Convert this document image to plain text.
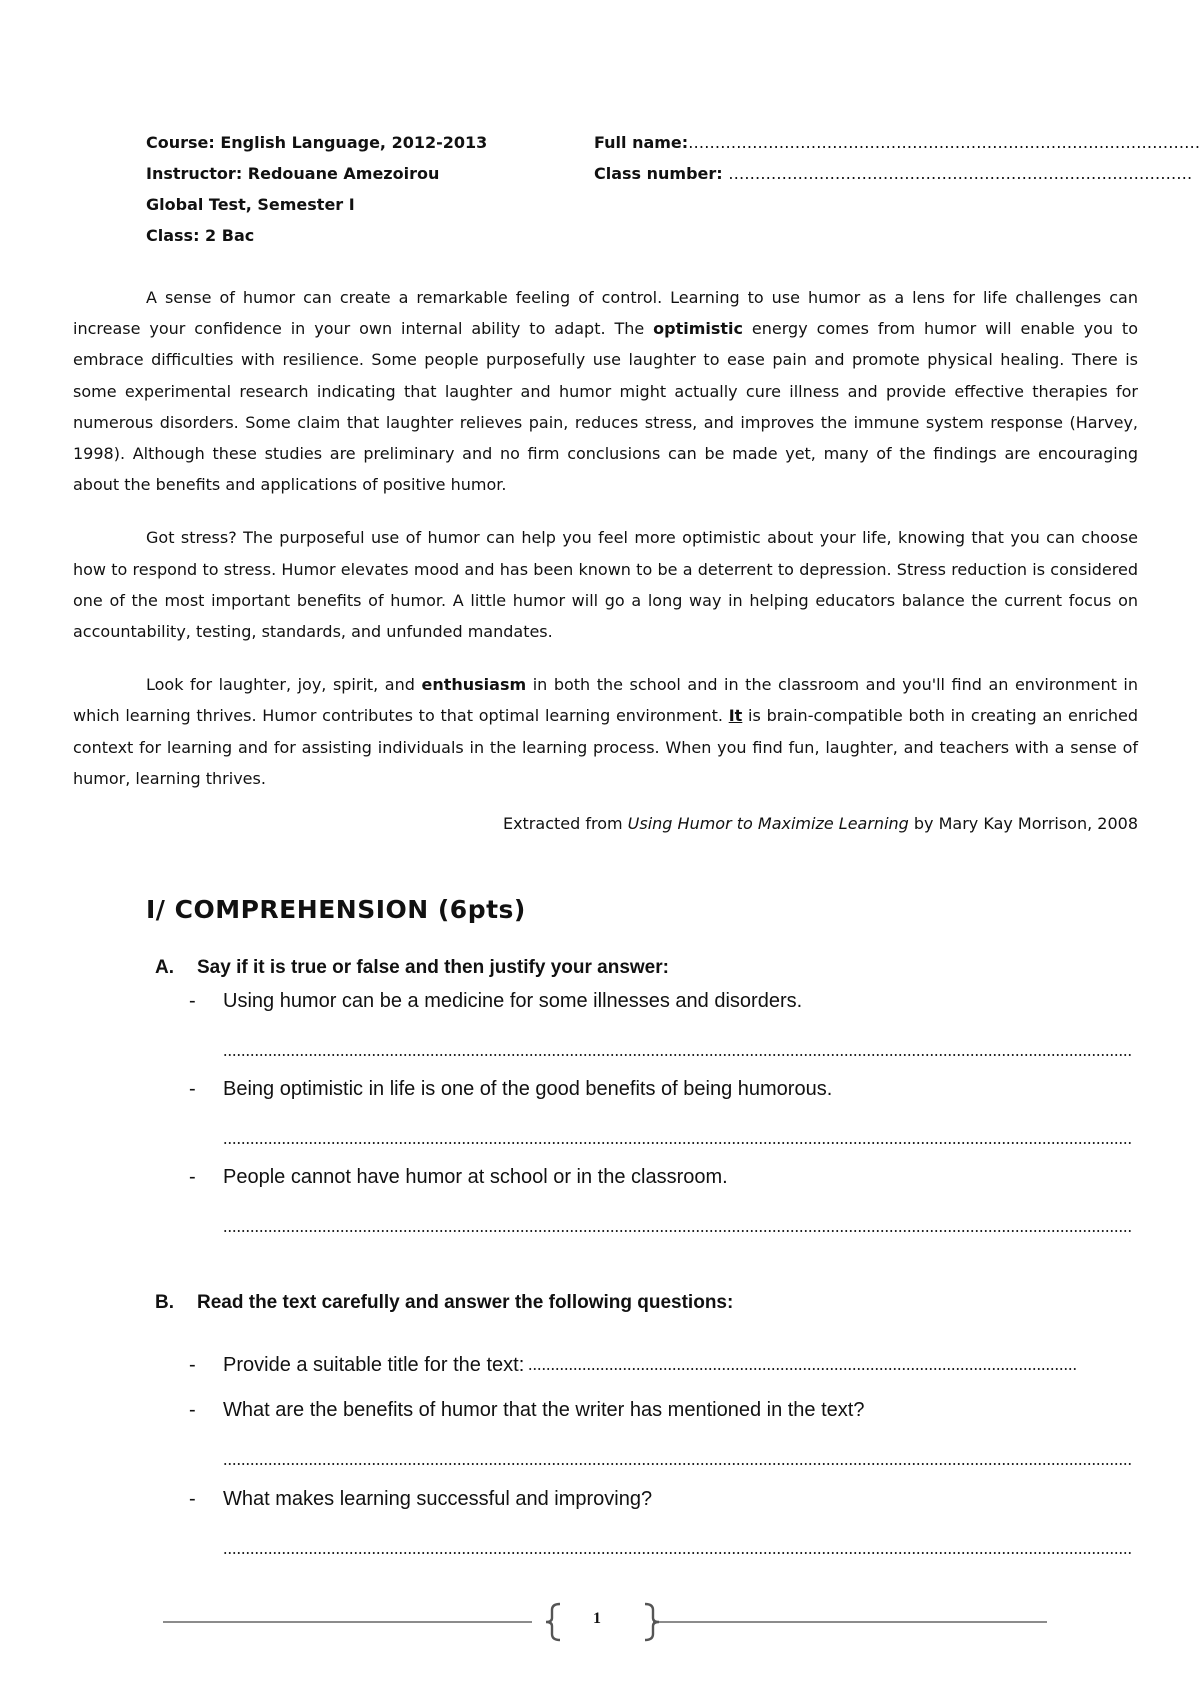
Course: English Language, 2012-2013
Instructor: Redouane Amezoirou
Global Test, Semester I
Class: 2 Bac
Full name:……………………………………………………………………………………
Class number: ……………………………………………………………………………

A sense of humor can create a remarkable feeling of control. Learning to use humor as a lens for life challenges can increase your confidence in your own internal ability to adapt. The optimistic energy comes from humor will enable you to embrace difficulties with resilience. Some people purposefully use laughter to ease pain and promote physical healing. There is some experimental research indicating that laughter and humor might actually cure illness and provide effective therapies for numerous disorders. Some claim that laughter relieves pain, reduces stress, and improves the immune system response (Harvey, 1998). Although these studies are preliminary and no firm conclusions can be made yet, many of the findings are encouraging about the benefits and applications of positive humor.

Got stress? The purposeful use of humor can help you feel more optimistic about your life, knowing that you can choose how to respond to stress. Humor elevates mood and has been known to be a deterrent to depression. Stress reduction is considered one of the most important benefits of humor. A little humor will go a long way in helping educators balance the current focus on accountability, testing, standards, and unfunded mandates.

Look for laughter, joy, spirit, and enthusiasm in both the school and in the classroom and you'll find an environment in which learning thrives. Humor contributes to that optimal learning environment. It is brain-compatible both in creating an enriched context for learning and for assisting individuals in the learning process. When you find fun, laughter, and teachers with a sense of humor, learning thrives.

Extracted from Using Humor to Maximize Learning by Mary Kay Morrison, 2008
I/ COMPREHENSION (6pts)
A. Say if it is true or false and then justify your answer:
- Using humor can be a medicine for some illnesses and disorders.
- Being optimistic in life is one of the good benefits of being humorous.
- People cannot have humor at school or in the classroom.
B. Read the text carefully and answer the following questions:
- Provide a suitable title for the text:
- What are the benefits of humor that the writer has mentioned in the text?
- What makes learning successful and improving?
1
